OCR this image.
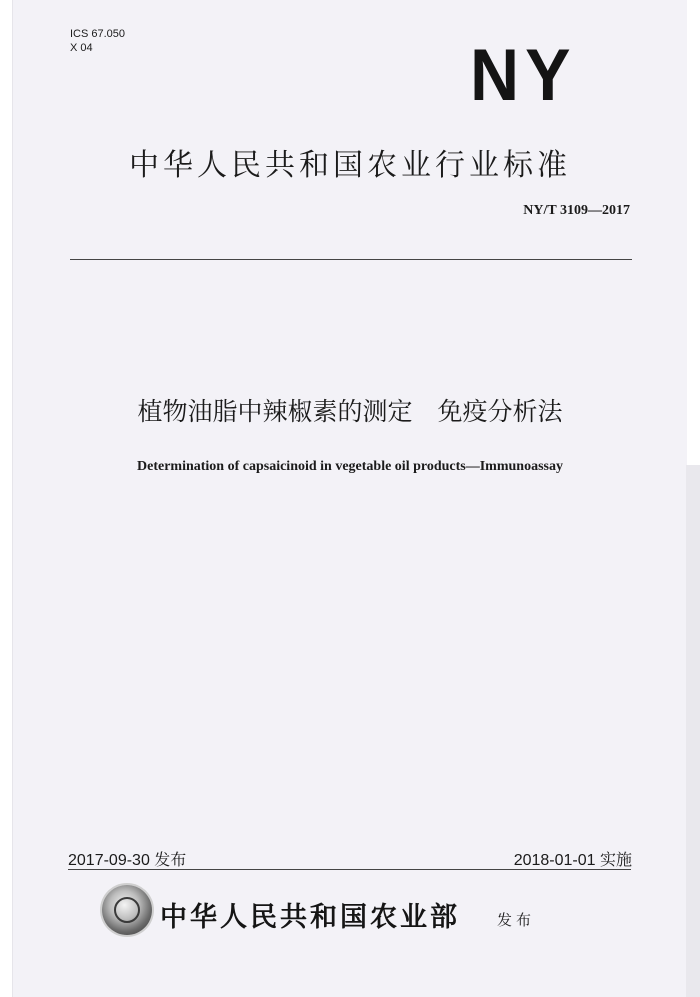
ICS 67.050
X 04	NY
中华人民共和国农业行业标准
NY/T 3109—2017
植物油脂中辣椒素的测定　免疫分析法
Determination of capsaicinoid in vegetable oil products—Immunoassay
2017-09-30 发布	2018-01-01 实施
中华人民共和国农业部 发布
